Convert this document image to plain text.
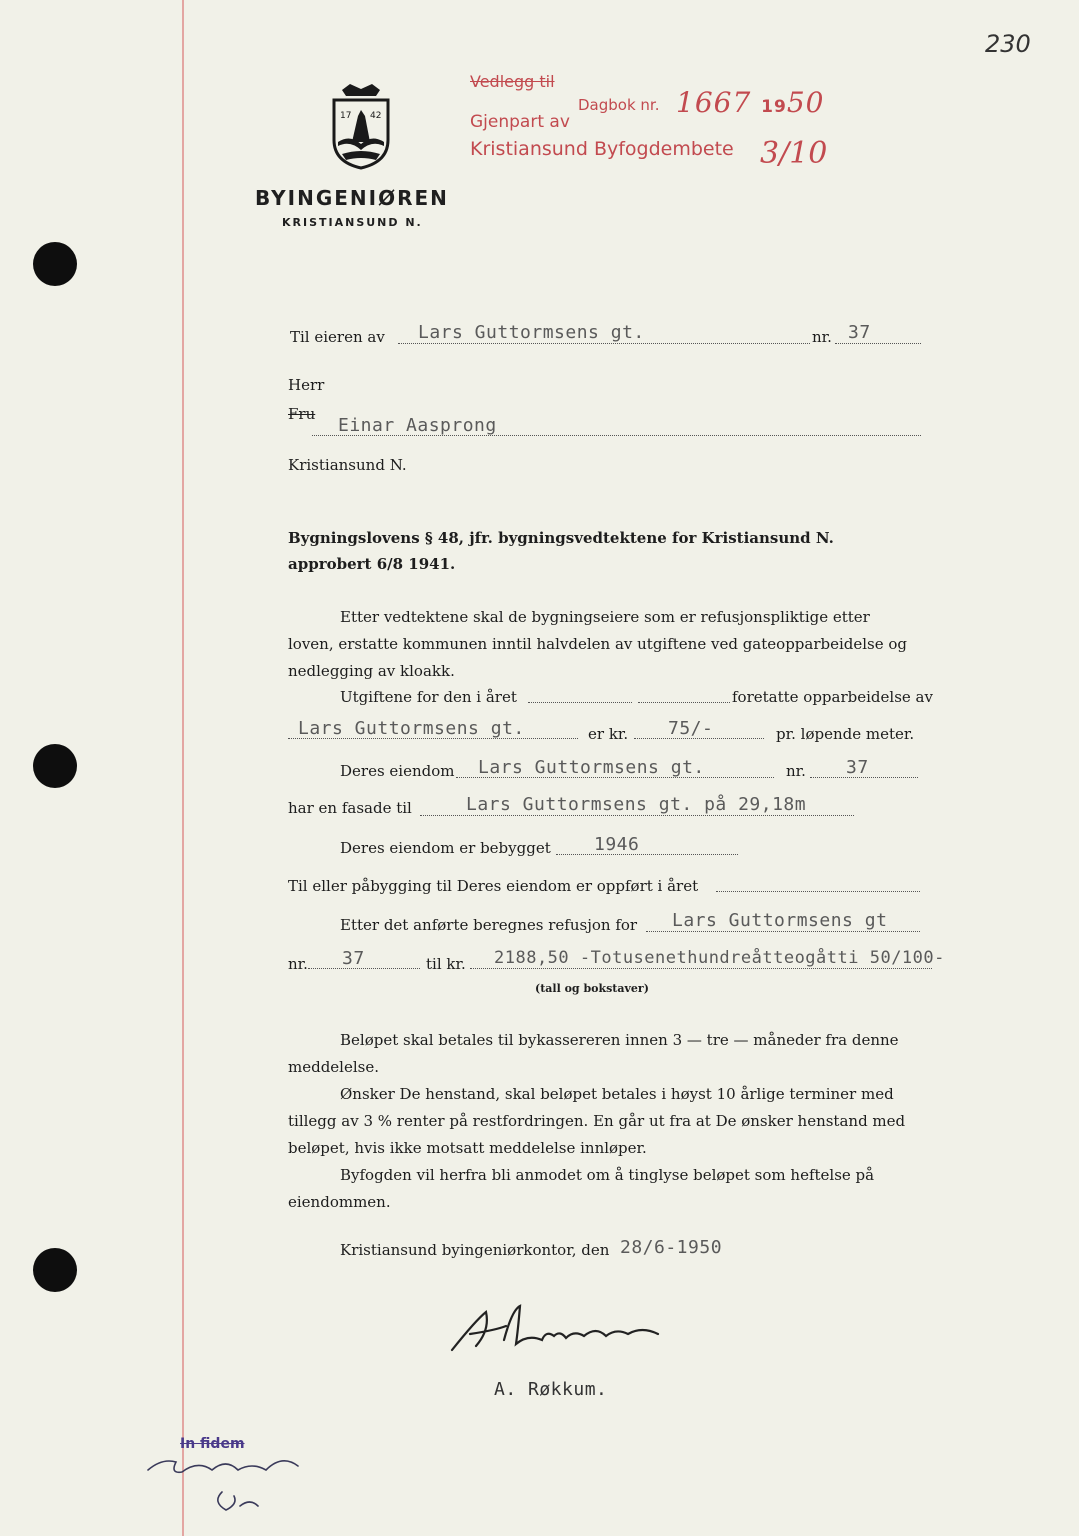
230
17 42
BYINGENIØREN
KRISTIANSUND N.
Vedlegg til
Dagbok nr. 1667 1950
Gjenpart av
Kristiansund Byfogdembete 3/10
Til eieren av Lars Guttormsens gt.	nr. 37
Herr
Fru
Einar Aasprong
Kristiansund N.
Bygningslovens § 48, jfr. bygningsvedtektene for Kristiansund N.
approbert 6/8 1941.
Etter vedtektene skal de bygningseiere som er refusjonspliktige etter loven, erstatte kommunen inntil halvdelen av utgiftene ved gateopparbeidelse og nedlegging av kloakk.
Utgiftene for den i året	foretatte opparbeidelse av
Lars Guttormsens gt.	er kr. 75/-	pr. løpende meter.
Deres eiendom Lars Guttormsens gt.	nr. 37
har en fasade til	Lars Guttormsens gt. på 29,18m
Deres eiendom er bebygget 1946
Til eller påbygging til Deres eiendom er oppført i året
Etter det anførte beregnes refusjon for Lars Guttormsens gt
nr. 37	til kr. 2188,50 -Totusenethundreåtteogåtti 50/100-
(tall og bokstaver)
Beløpet skal betales til bykassereren innen 3 — tre — måneder fra denne meddelelse.
Ønsker De henstand, skal beløpet betales i høyst 10 årlige terminer med tillegg av 3 % renter på restfordringen. En går ut fra at De ønsker henstand med beløpet, hvis ikke motsatt meddelelse innløper.
Byfogden vil herfra bli anmodet om å tinglyse beløpet som heftelse på eiendommen.
Kristiansund byingeniørkontor, den 28/6-1950
A. Røkkum.
In fidem
